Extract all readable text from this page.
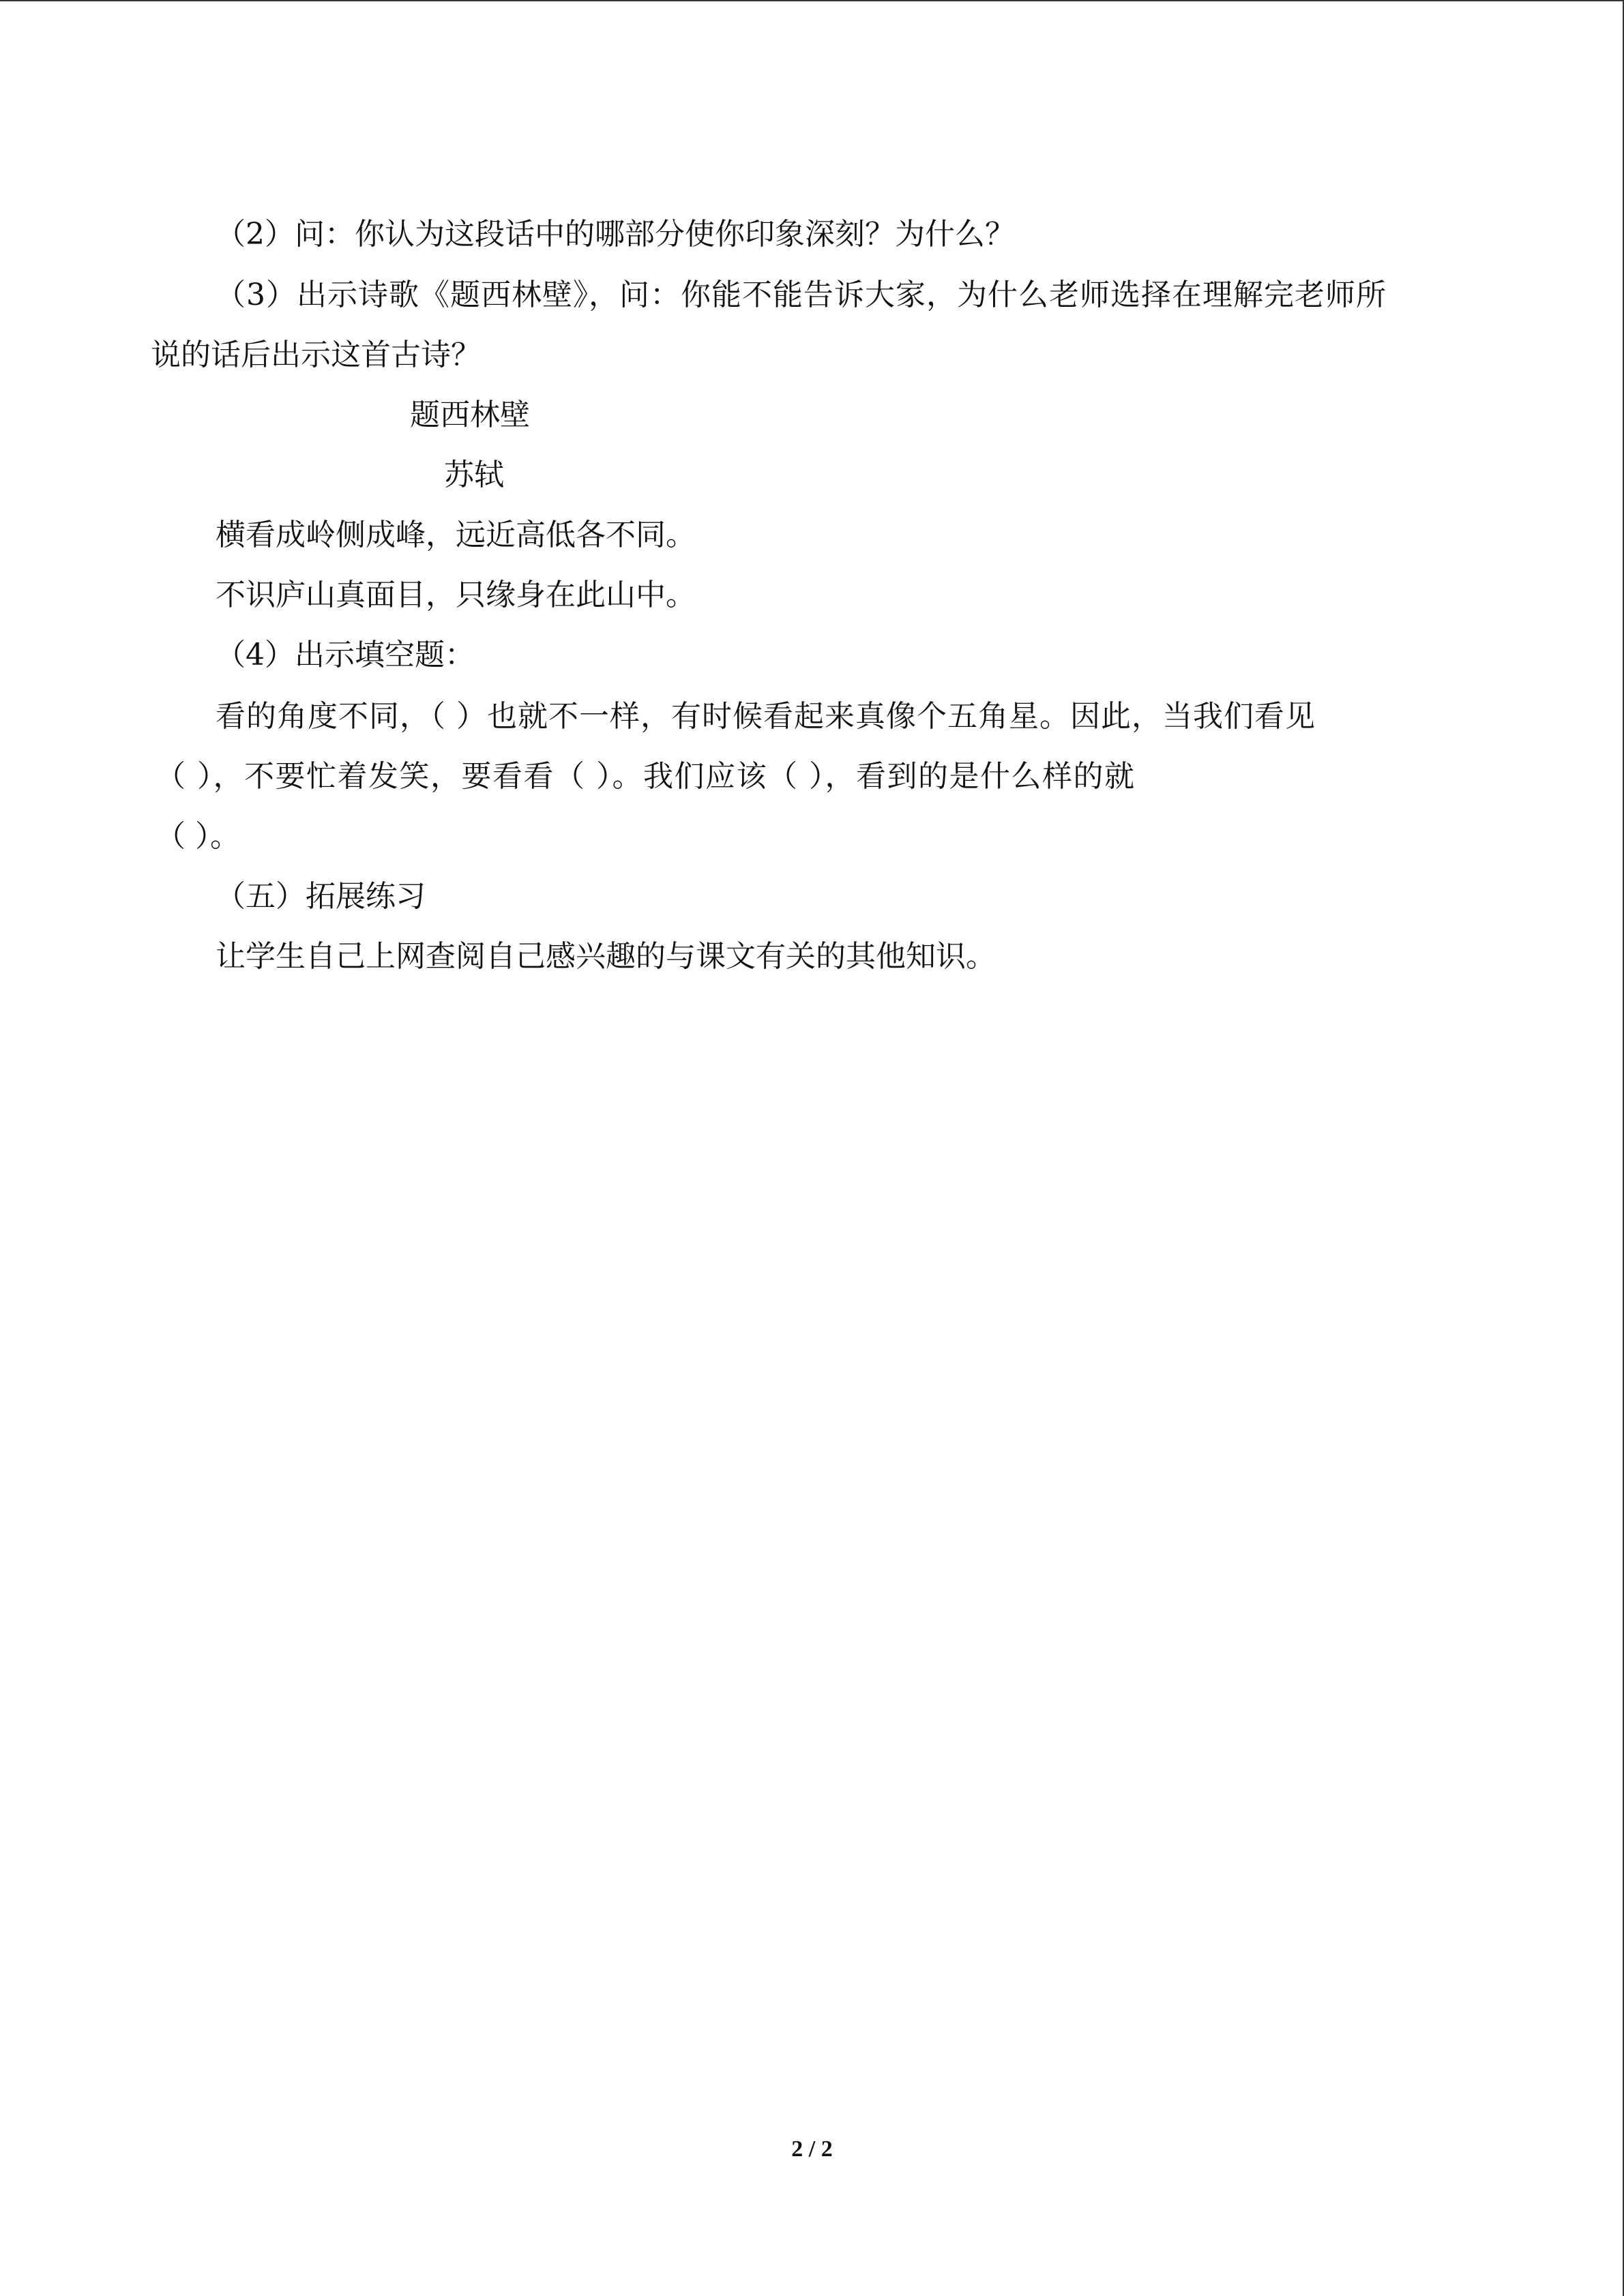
（2）问：你认为这段话中的哪部分使你印象深刻？为什么？
（3）出示诗歌《题西林壁》，问：你能不能告诉大家，为什么老师选择在理解完老师所
说的话后出示这首古诗？
题西林壁
苏轼
横看成岭侧成峰，远近高低各不同。
不识庐山真面目，只缘身在此山中。
（4）出示填空题：
看的角度不同，（ ）也就不一样，有时候看起来真像个五角星。因此，当我们看见
（ ），不要忙着发笑，要看看（ ）。我们应该（ ），看到的是什么样的就
（ ）。
（五）拓展练习
让学生自己上网查阅自己感兴趣的与课文有关的其他知识。
2 / 2
